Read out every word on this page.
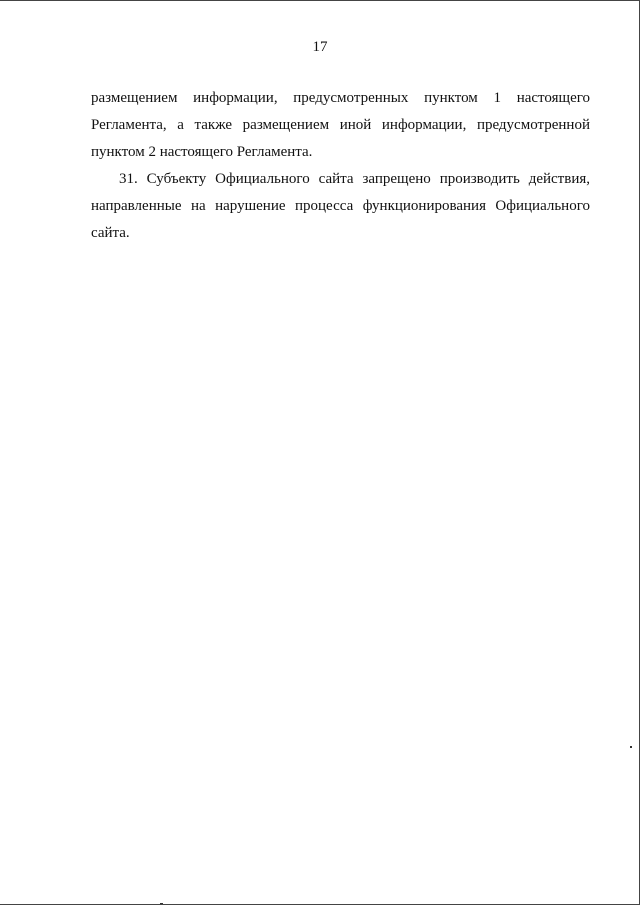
17

размещением информации, предусмотренных пунктом 1 настоящего Регламента, а также размещением иной информации, предусмотренной пунктом 2 настоящего Регламента.

31. Субъекту Официального сайта запрещено производить действия, направленные на нарушение процесса функционирования Официального сайта.
